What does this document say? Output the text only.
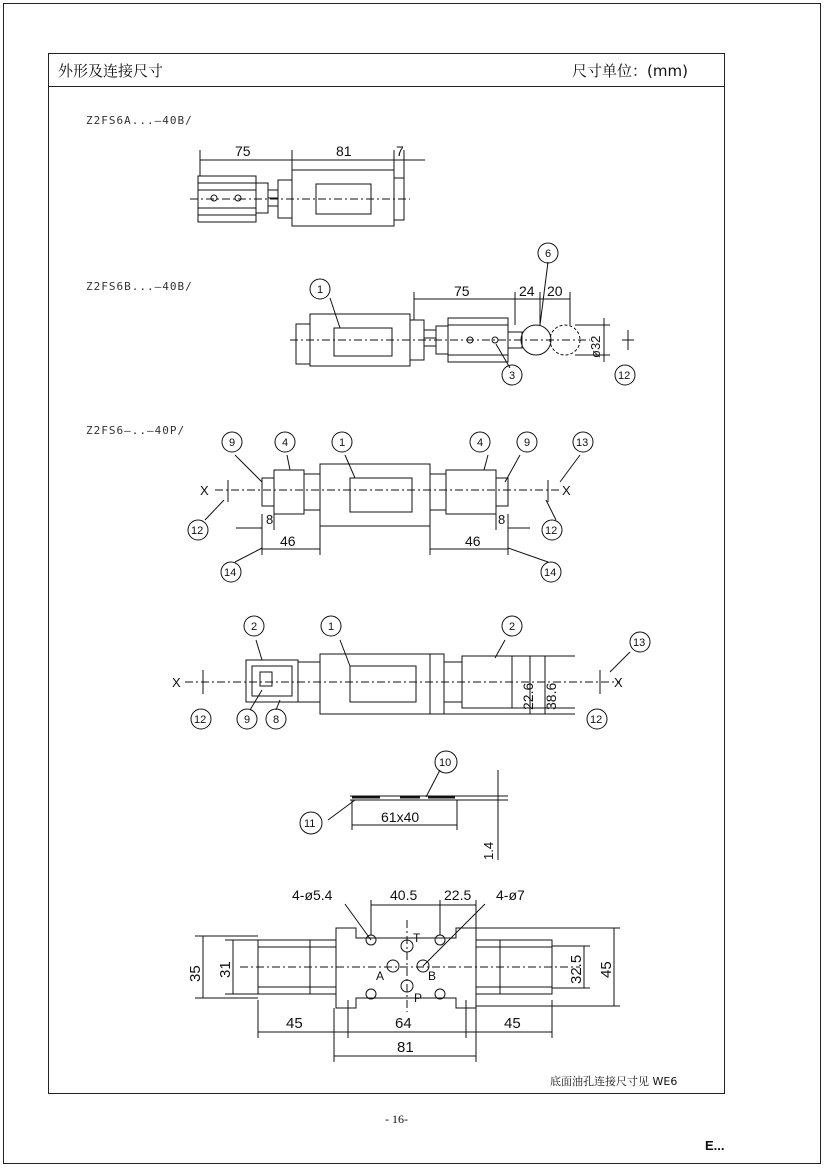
外形及连接尺寸	尺寸单位：(mm)
Z2FS6A...—40B/
Z2FS6B...—40B/
Z2FS6—..—40P/
75	81	7
75	24 20
ø32
X	X
8
46	46
8
X	X
22.6 38.6
61x40
1.4
4-ø5.4	40.5 22.5 4-ø7
35 31	32.5 45
45	64	45
81
T
A	B
P
1
6
3	12
9	4	1	4	9	13
12	12
14	14
2	1	2
13
12	9 8	12
10
11
底面油孔连接尺寸见 WE6
- 16-
E...
